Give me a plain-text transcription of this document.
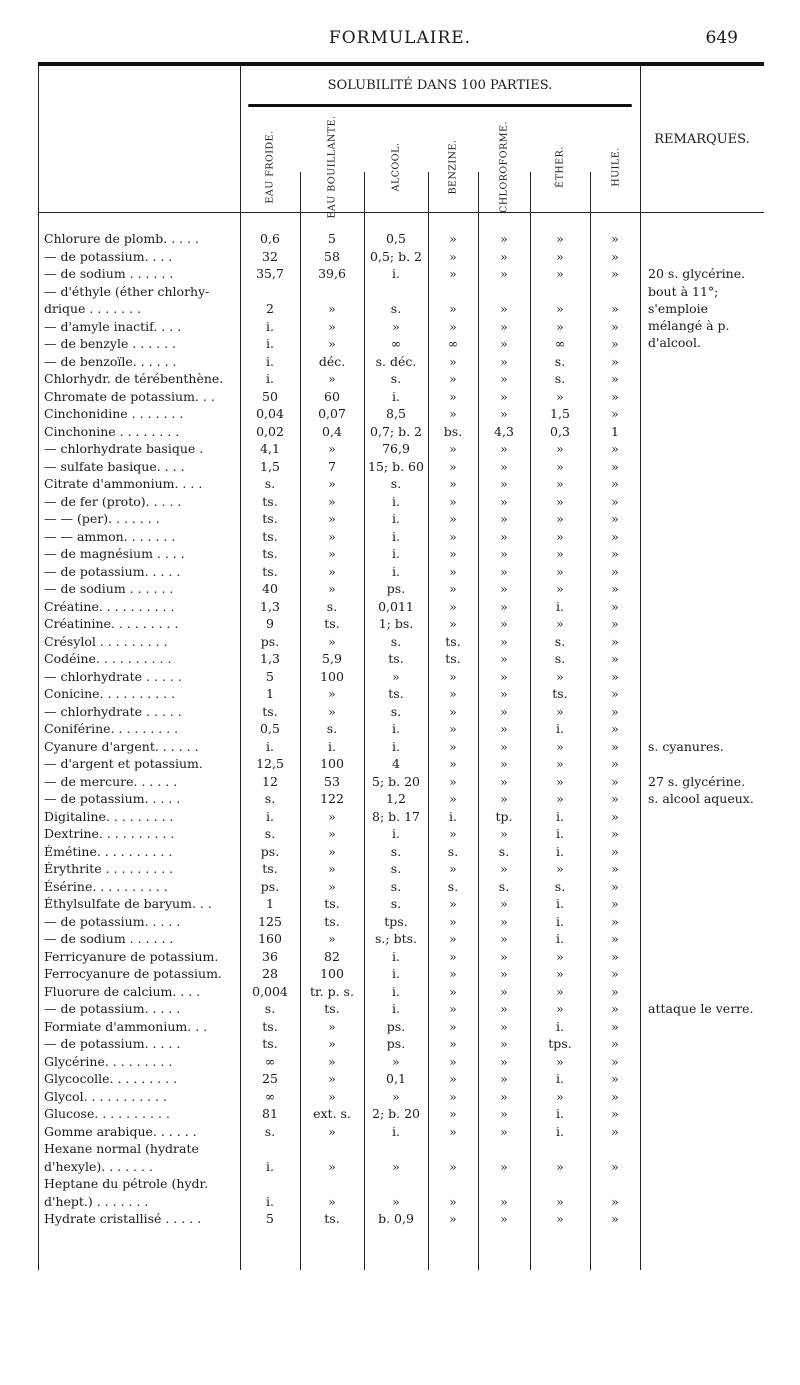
FORMULAIRE.	649
SOLUBILITÉ DANS 100 PARTIES.
EAU FROIDE.	EAU BOUILLANTE.	ALCOOL.	BENZINE.	CHLOROFORME.	ÉTHER.	HUILE.
REMARQUES.
Chlorure de plomb. . . . .	0,6	5	0,5	»	»	»	»
— de potassium. . . .	32	58	0,5; b. 2	»	»	»	»
— de sodium . . . . . .	35,7	39,6	i.	»	»	»	»	20 s. glycérine.
— d'éthyle (éther chlorhy-
drique . . . . . . .	2	»	s.	»	»	»	»
bout à 11°; s'emploie mélangé à p. d'alcool.
— d'amyle inactif. . . .	i.	»	»	»	»	»	»
— de benzyle . . . . . .	i.	»	∞	∞	»	∞	»
— de benzoïle. . . . . .	i.	déc.	s. déc.	»	»	s.	»
Chlorhydr. de térébenthène.	i.	»	s.	»	»	s.	»
Chromate de potassium. . .	50	60	i.	»	»	»	»
Cinchonidine . . . . . . .	0,04	0,07	8,5	»	»	1,5	»
Cinchonine . . . . . . . .	0,02	0,4	0,7; b. 2	bs.	4,3	0,3	1
— chlorhydrate basique .	4,1	»	76,9	»	»	»	»
— sulfate basique. . . .	1,5	7	15; b. 60	»	»	»	»
Citrate d'ammonium. . . .	s.	»	s.	»	»	»	»
— de fer (proto). . . . .	ts.	»	i.	»	»	»	»
— — (per). . . . . . .	ts.	»	i.	»	»	»	»
— — ammon. . . . . . .	ts.	»	i.	»	»	»	»
— de magnésium . . . .	ts.	»	i.	»	»	»	»
— de potassium. . . . .	ts.	»	i.	»	»	»	»
— de sodium . . . . . .	40	»	ps.	»	»	»	»
Créatine. . . . . . . . . .	1,3	s.	0,011	»	»	i.	»
Créatinine. . . . . . . . .	9	ts.	1; bs.	»	»	»	»
Crésylol . . . . . . . . .	ps.	»	s.	ts.	»	s.	»
Codéine. . . . . . . . . .	1,3	5,9	ts.	ts.	»	s.	»
— chlorhydrate . . . . .	5	100	»	»	»	»	»
Conicine. . . . . . . . . .	1	»	ts.	»	»	ts.	»
— chlorhydrate . . . . .	ts.	»	s.	»	»	»	»
Coniférine. . . . . . . . .	0,5	s.	i.	»	»	i.	»
Cyanure d'argent. . . . . .	i.	i.	i.	»	»	»	»	s. cyanures.
— d'argent et potassium.	12,5	100	4	»	»	»	»
— de mercure. . . . . .	12	53	5; b. 20	»	»	»	»	27 s. glycérine.
— de potassium. . . . .	s.	122	1,2	»	»	»	»	s. alcool aqueux.
Digitaline. . . . . . . . .	i.	»	8; b. 17	i.	tp.	i.	»
Dextrine. . . . . . . . . .	s.	»	i.	»	»	i.	»
Émétine. . . . . . . . . .	ps.	»	s.	s.	s.	i.	»
Érythrite . . . . . . . . .	ts.	»	s.	»	»	»	»
Ésérine. . . . . . . . . .	ps.	»	s.	s.	s.	s.	»
Éthylsulfate de baryum. . .	1	ts.	s.	»	»	i.	»
— de potassium. . . . .	125	ts.	tps.	»	»	i.	»
— de sodium . . . . . .	160	»	s.; bts.	»	»	i.	»
Ferricyanure de potassium.	36	82	i.	»	»	»	»
Ferrocyanure de potassium.	28	100	i.	»	»	»	»
Fluorure de calcium. . . .	0,004	tr. p. s.	i.	»	»	»	»
— de potassium. . . . .	s.	ts.	i.	»	»	»	»	attaque le verre.
Formiate d'ammonium. . .	ts.	»	ps.	»	»	i.	»
— de potassium. . . . .	ts.	»	ps.	»	»	tps.	»
Glycérine. . . . . . . . .	∞	»	»	»	»	»	»
Glycocolle. . . . . . . . .	25	»	0,1	»	»	i.	»
Glycol. . . . . . . . . . .	∞	»	»	»	»	»	»
Glucose. . . . . . . . . .	81	ext. s.	2; b. 20	»	»	i.	»
Gomme arabique. . . . . .	s.	»	i.	»	»	i.	»
Hexane normal (hydrate
d'hexyle). . . . . . .	i.	»	»	»	»	»	»
Heptane du pétrole (hydr.
d'hept.) . . . . . . .	i.	»	»	»	»	»	»
Hydrate cristallisé . . . . .	5	ts.	b. 0,9	»	»	»	»
